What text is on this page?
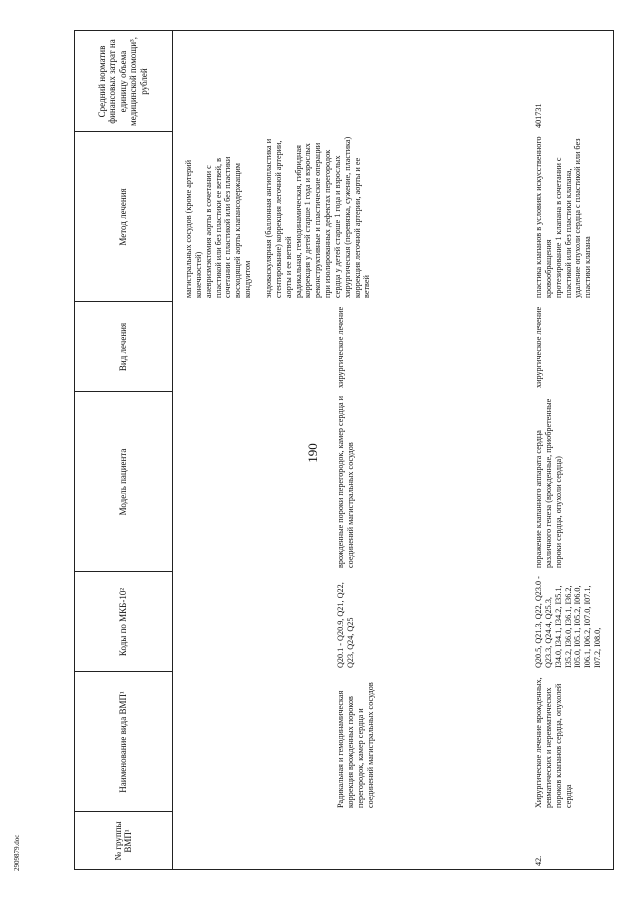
190
2909879.doc	№ группы ВМП¹
Наименование вида ВМП¹
Коды по МКБ-10²
Модель пациента
Вид лечения
Метод лечения
Средний норматив финансовых затрат на единицу объема медицинской помощи³, рублей
магистральных сосудов (кроме артерий конечностей) аневризмэктомия аорты в сочетании с пластикой или без пластики ее ветвей, в сочетании с пластикой или без пластики восходящей аорты клапансодержащим кондуитом
Радикальная и гемодинамическая коррекция врожденных пороков перегородок, камер сердца и соединений магистральных сосудов
Q20.1 - Q20.9, Q21, Q22, Q23, Q24, Q25
врожденные пороки перегородок, камер сердца и соединений магистральных сосудов
хирургическое лечение
эндоваскулярная (баллонная ангиопластика и стентирование) коррекция легочной артерии, аорты и ее ветвей радикальная, гемодинамическая, гибридная коррекция у детей старше 1 года и взрослых реконструктивные и пластические операции при изолированных дефектах перегородок сердца у детей старше 1 года и взрослых хирургическая (перевязка, сужение, пластика) коррекция легочной артерии, аорты и ее ветвей
42.
Хирургическое лечение врожденных, ревматических и неревматических пороков клапанов сердца, опухолей сердца
Q20.5, Q21.3, Q22, Q23.0 - Q23.3, Q24.4, Q25.3, I34.0, I34.1, I34.2, I35.1, I35.2, I36.0, I36.1, I36.2, I05.0, I05.1, I05.2, I06.0, I06.1, I06.2, I07.0, I07.1, I07.2, I08.0,
поражение клапанного аппарата сердца различного генеза (врожденные, приобретенные пороки сердца, опухоли сердца)
хирургическое лечение
пластика клапанов в условиях искусственного кровообращения протезирование 1 клапана в сочетании с пластикой или без пластики клапана, удаление опухоли сердца с пластикой или без пластики клапана
401731
